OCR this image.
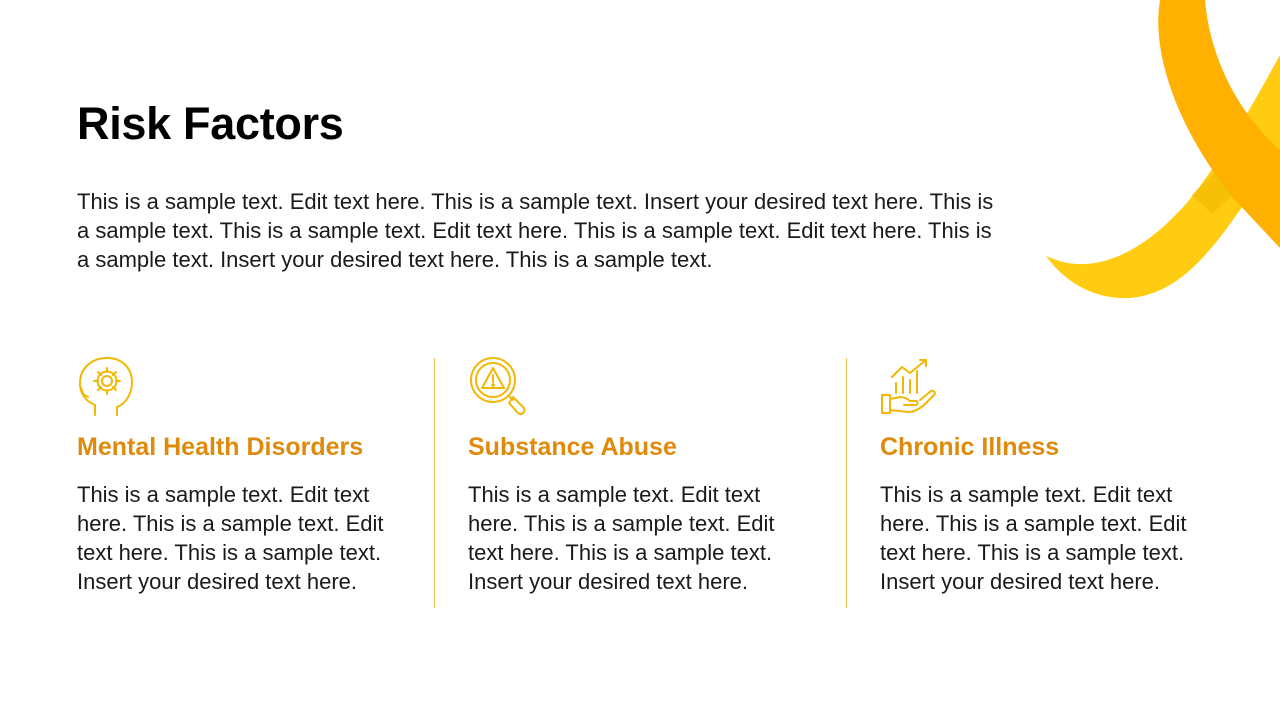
Risk Factors

This is a sample text. Edit text here. This is a sample text. Insert your desired text here. This is a sample text. This is a sample text. Edit text here. This is a sample text. Edit text here. This is a sample text. Insert your desired text here. This is a sample text.

Mental Health Disorders

This is a sample text. Edit text here. This is a sample text. Edit text here. This is a sample text. Insert your desired text here.

Substance Abuse

This is a sample text. Edit text here. This is a sample text. Edit text here. This is a sample text. Insert your desired text here.

Chronic Illness

This is a sample text. Edit text here. This is a sample text. Edit text here. This is a sample text. Insert your desired text here.
